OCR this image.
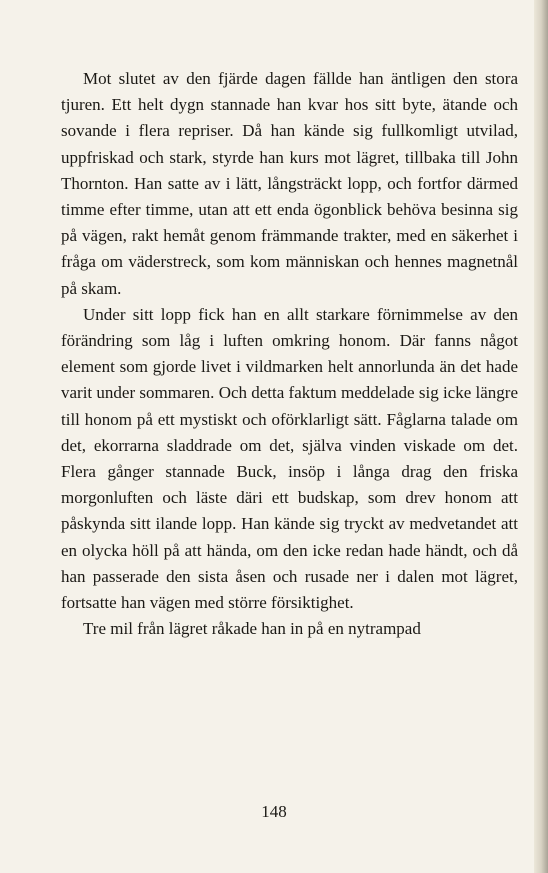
Mot slutet av den fjärde dagen fällde han äntligen den stora tjuren. Ett helt dygn stannade han kvar hos sitt byte, ätande och sovande i flera repriser. Då han kände sig fullkomligt utvilad, uppfriskad och stark, styrde han kurs mot lägret, tillbaka till John Thornton. Han satte av i lätt, långsträckt lopp, och fortfor därmed timme efter timme, utan att ett enda ögonblick behöva besinna sig på vägen, rakt hemåt genom främmande trakter, med en säkerhet i fråga om väderstreck, som kom människan och hennes magnetnål på skam.

Under sitt lopp fick han en allt starkare förnimmelse av den förändring som låg i luften omkring honom. Där fanns något element som gjorde livet i vildmarken helt annorlunda än det hade varit under sommaren. Och detta faktum meddelade sig icke längre till honom på ett mystiskt och oförklarligt sätt. Fåglarna talade om det, ekorrarna sladdrade om det, själva vinden viskade om det. Flera gånger stannade Buck, insöp i långa drag den friska morgonluften och läste däri ett budskap, som drev honom att påskynda sitt ilande lopp. Han kände sig tryckt av medvetandet att en olycka höll på att hända, om den icke redan hade händt, och då han passerade den sista åsen och rusade ner i dalen mot lägret, fortsatte han vägen med större försiktighet.

Tre mil från lägret råkade han in på en nytrampad

148
